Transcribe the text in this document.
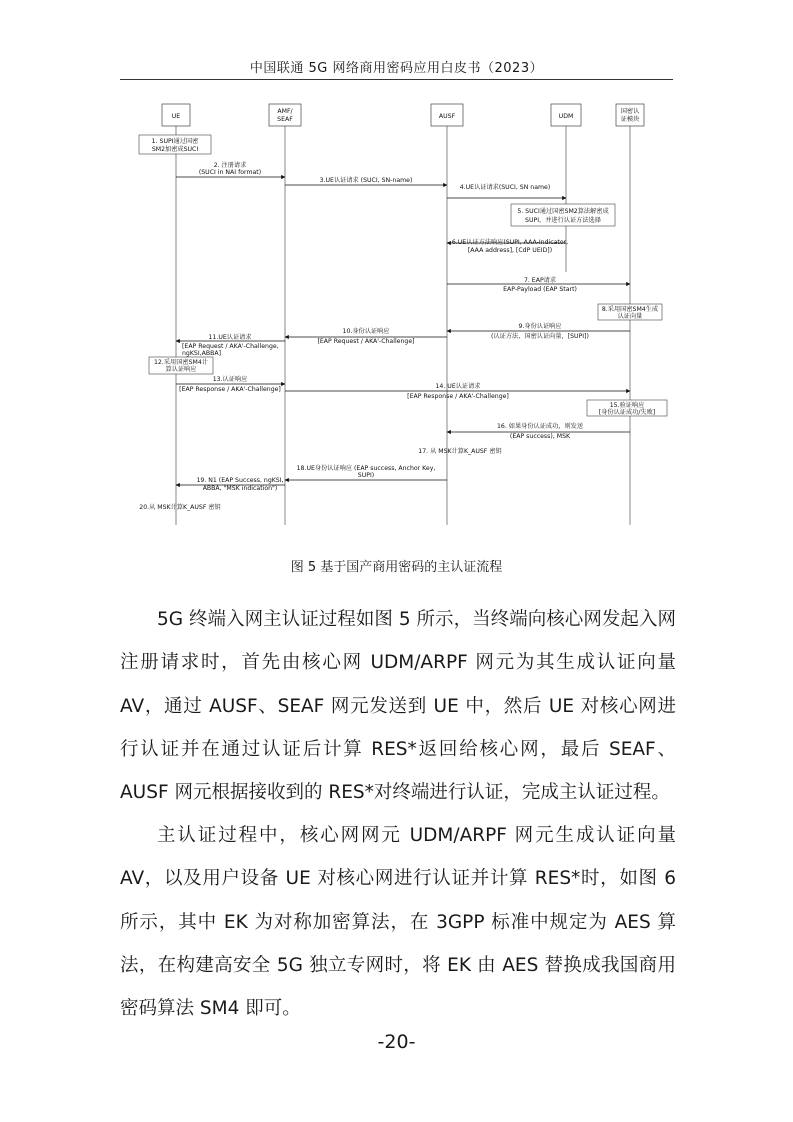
中国联通 5G 网络商用密码应用白皮书（2023）
UE
AMF/
SEAF	AUSF	UDM
国密认
证模块
1. SUPI通过国密
SM2加密成SUCI
2. 注册请求
(SUCI in NAI format)
3.UE认证请求 (SUCI, SN-name)
4.UE认证请求(SUCI, SN name)
5. SUCI通过国密SM2算法解密成
SUPI，并进行认证方法选择
6.UE认证方法响应(SUPI, AAA-Indicator,
[AAA address], [CdP UEID])
7. EAP请求
EAP-Payload (EAP Start)
8.采用国密SM4生成
认证向量
9.身份认证响应
(认证方法，国密认证向量，[SUPI])
10.身份认证响应
[EAP Request / AKA'-Challenge]
11.UE认证请求
[EAP Request / AKA'-Challenge,
ngKSI,ABBA]
12.采用国密SM4计
算认证响应
13.认证响应
[EAP Response / AKA'-Challenge]	14. UE认证请求
[EAP Response / AKA'-Challenge]
15.验证响应
[身份认证成功/失败]
16. 如果身份认证成功，则发送
(EAP success), MSK
17. 从 MSK计算K_AUSF 密钥
18.UE身份认证响应 (EAP success, Anchor Key,
SUPI)
19. N1 (EAP Success, ngKSI,
ABBA, "MSK indication")
20.从 MSK计算K_AUSF 密钥
图 5 基于国产商用密码的主认证流程
5G 终端入网主认证过程如图 5 所示，当终端向核心网发起入网注册请求时，首先由核心网 UDM/ARPF 网元为其生成认证向量 AV，通过 AUSF、SEAF 网元发送到 UE 中，然后 UE 对核心网进行认证并在通过认证后计算 RES*返回给核心网，最后 SEAF、AUSF 网元根据接收到的 RES*对终端进行认证，完成主认证过程。
主认证过程中，核心网网元 UDM/ARPF 网元生成认证向量 AV，以及用户设备 UE 对核心网进行认证并计算 RES*时，如图 6 所示，其中 EK 为对称加密算法，在 3GPP 标准中规定为 AES 算法，在构建高安全 5G 独立专网时，将 EK 由 AES 替换成我国商用密码算法 SM4 即可。
-20-
